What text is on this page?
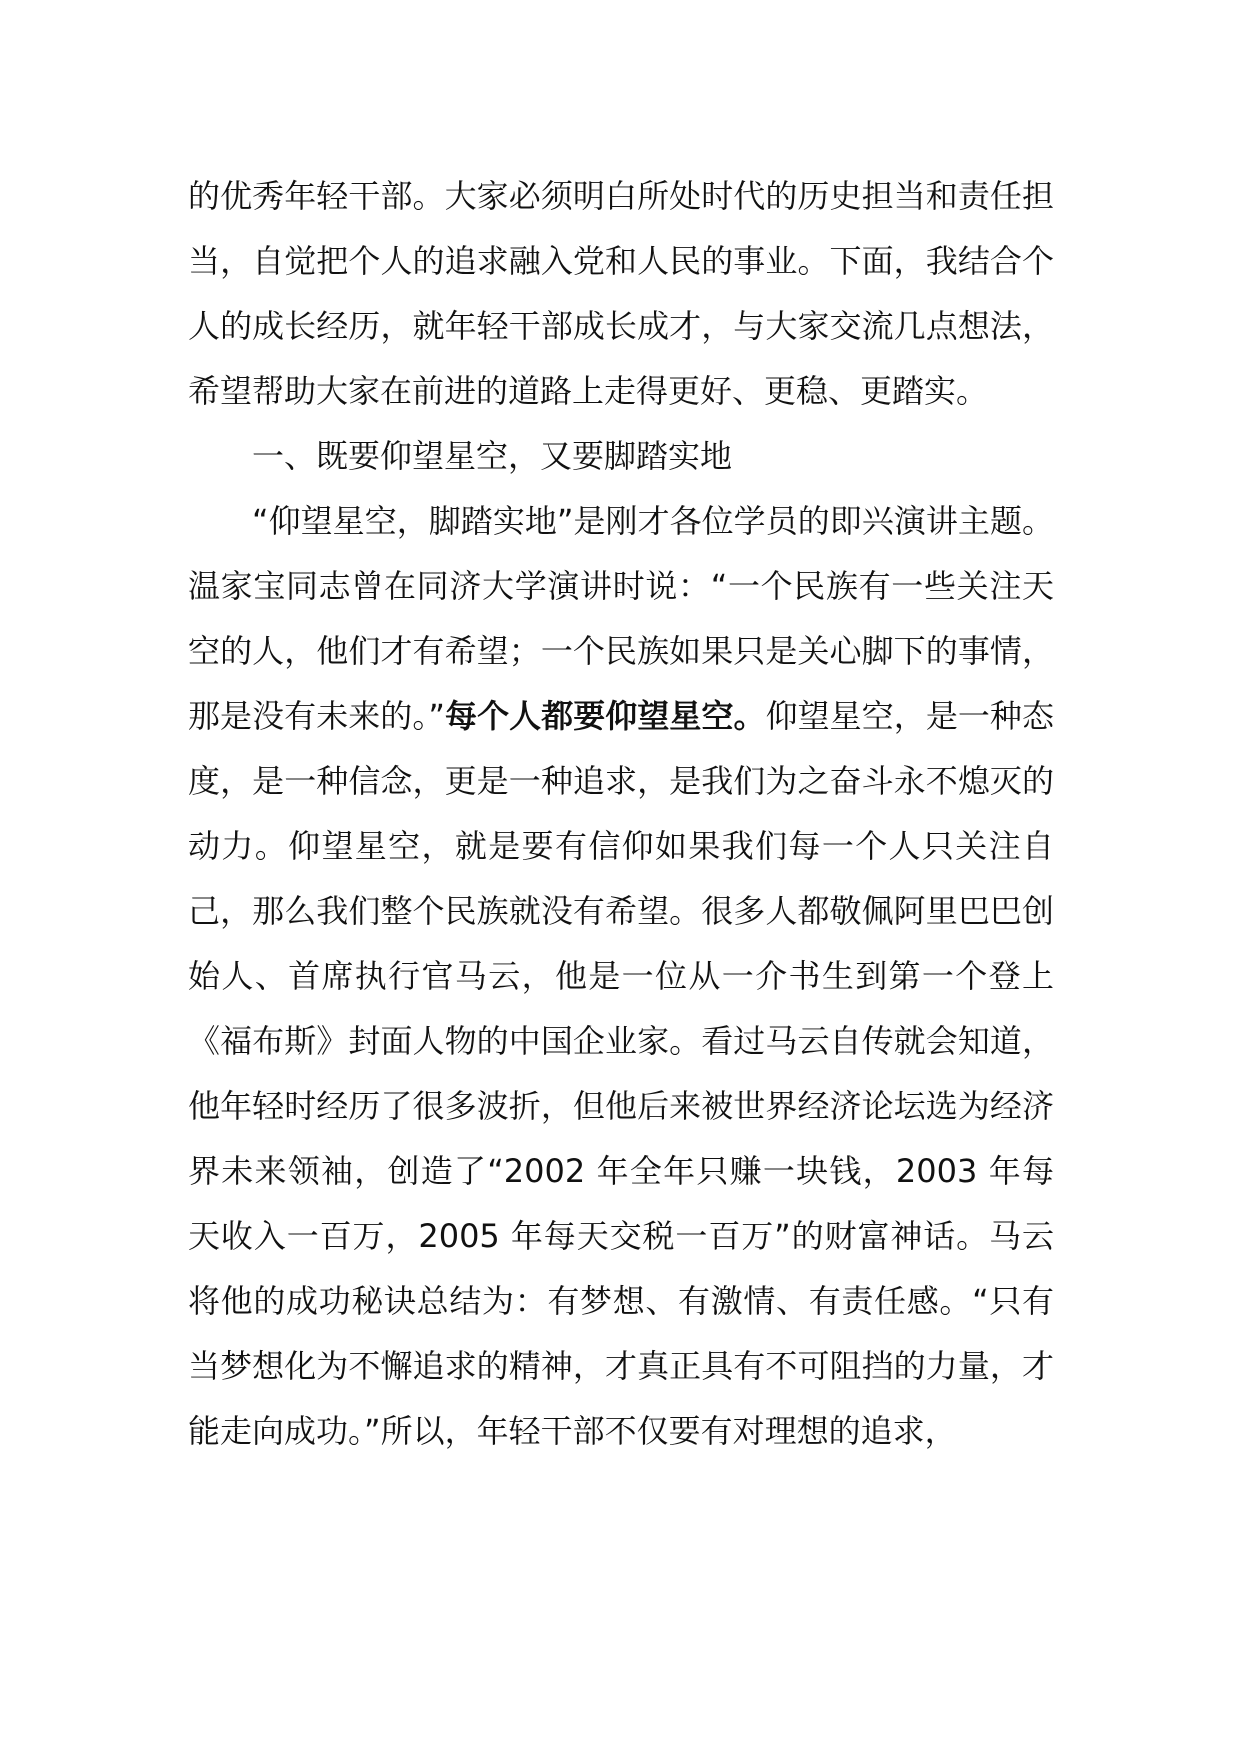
的优秀年轻干部。大家必须明白所处时代的历史担当和责任担当，自觉把个人的追求融入党和人民的事业。下面，我结合个人的成长经历，就年轻干部成长成才，与大家交流几点想法，希望帮助大家在前进的道路上走得更好、更稳、更踏实。

一、既要仰望星空，又要脚踏实地

“仰望星空，脚踏实地”是刚才各位学员的即兴演讲主题。温家宝同志曾在同济大学演讲时说：“一个民族有一些关注天空的人，他们才有希望；一个民族如果只是关心脚下的事情，那是没有未来的。”每个人都要仰望星空。仰望星空，是一种态度，是一种信念，更是一种追求，是我们为之奋斗永不熄灭的动力。仰望星空，就是要有信仰如果我们每一个人只关注自己，那么我们整个民族就没有希望。很多人都敬佩阿里巴巴创始人、首席执行官马云，他是一位从一介书生到第一个登上《福布斯》封面人物的中国企业家。看过马云自传就会知道，他年轻时经历了很多波折，但他后来被世界经济论坛选为经济界未来领袖，创造了“2002 年全年只赚一块钱，2003 年每天收入一百万，2005 年每天交税一百万”的财富神话。马云将他的成功秘诀总结为：有梦想、有激情、有责任感。“只有当梦想化为不懈追求的精神，才真正具有不可阻挡的力量，才能走向成功。”所以，年轻干部不仅要有对理想的追求，
